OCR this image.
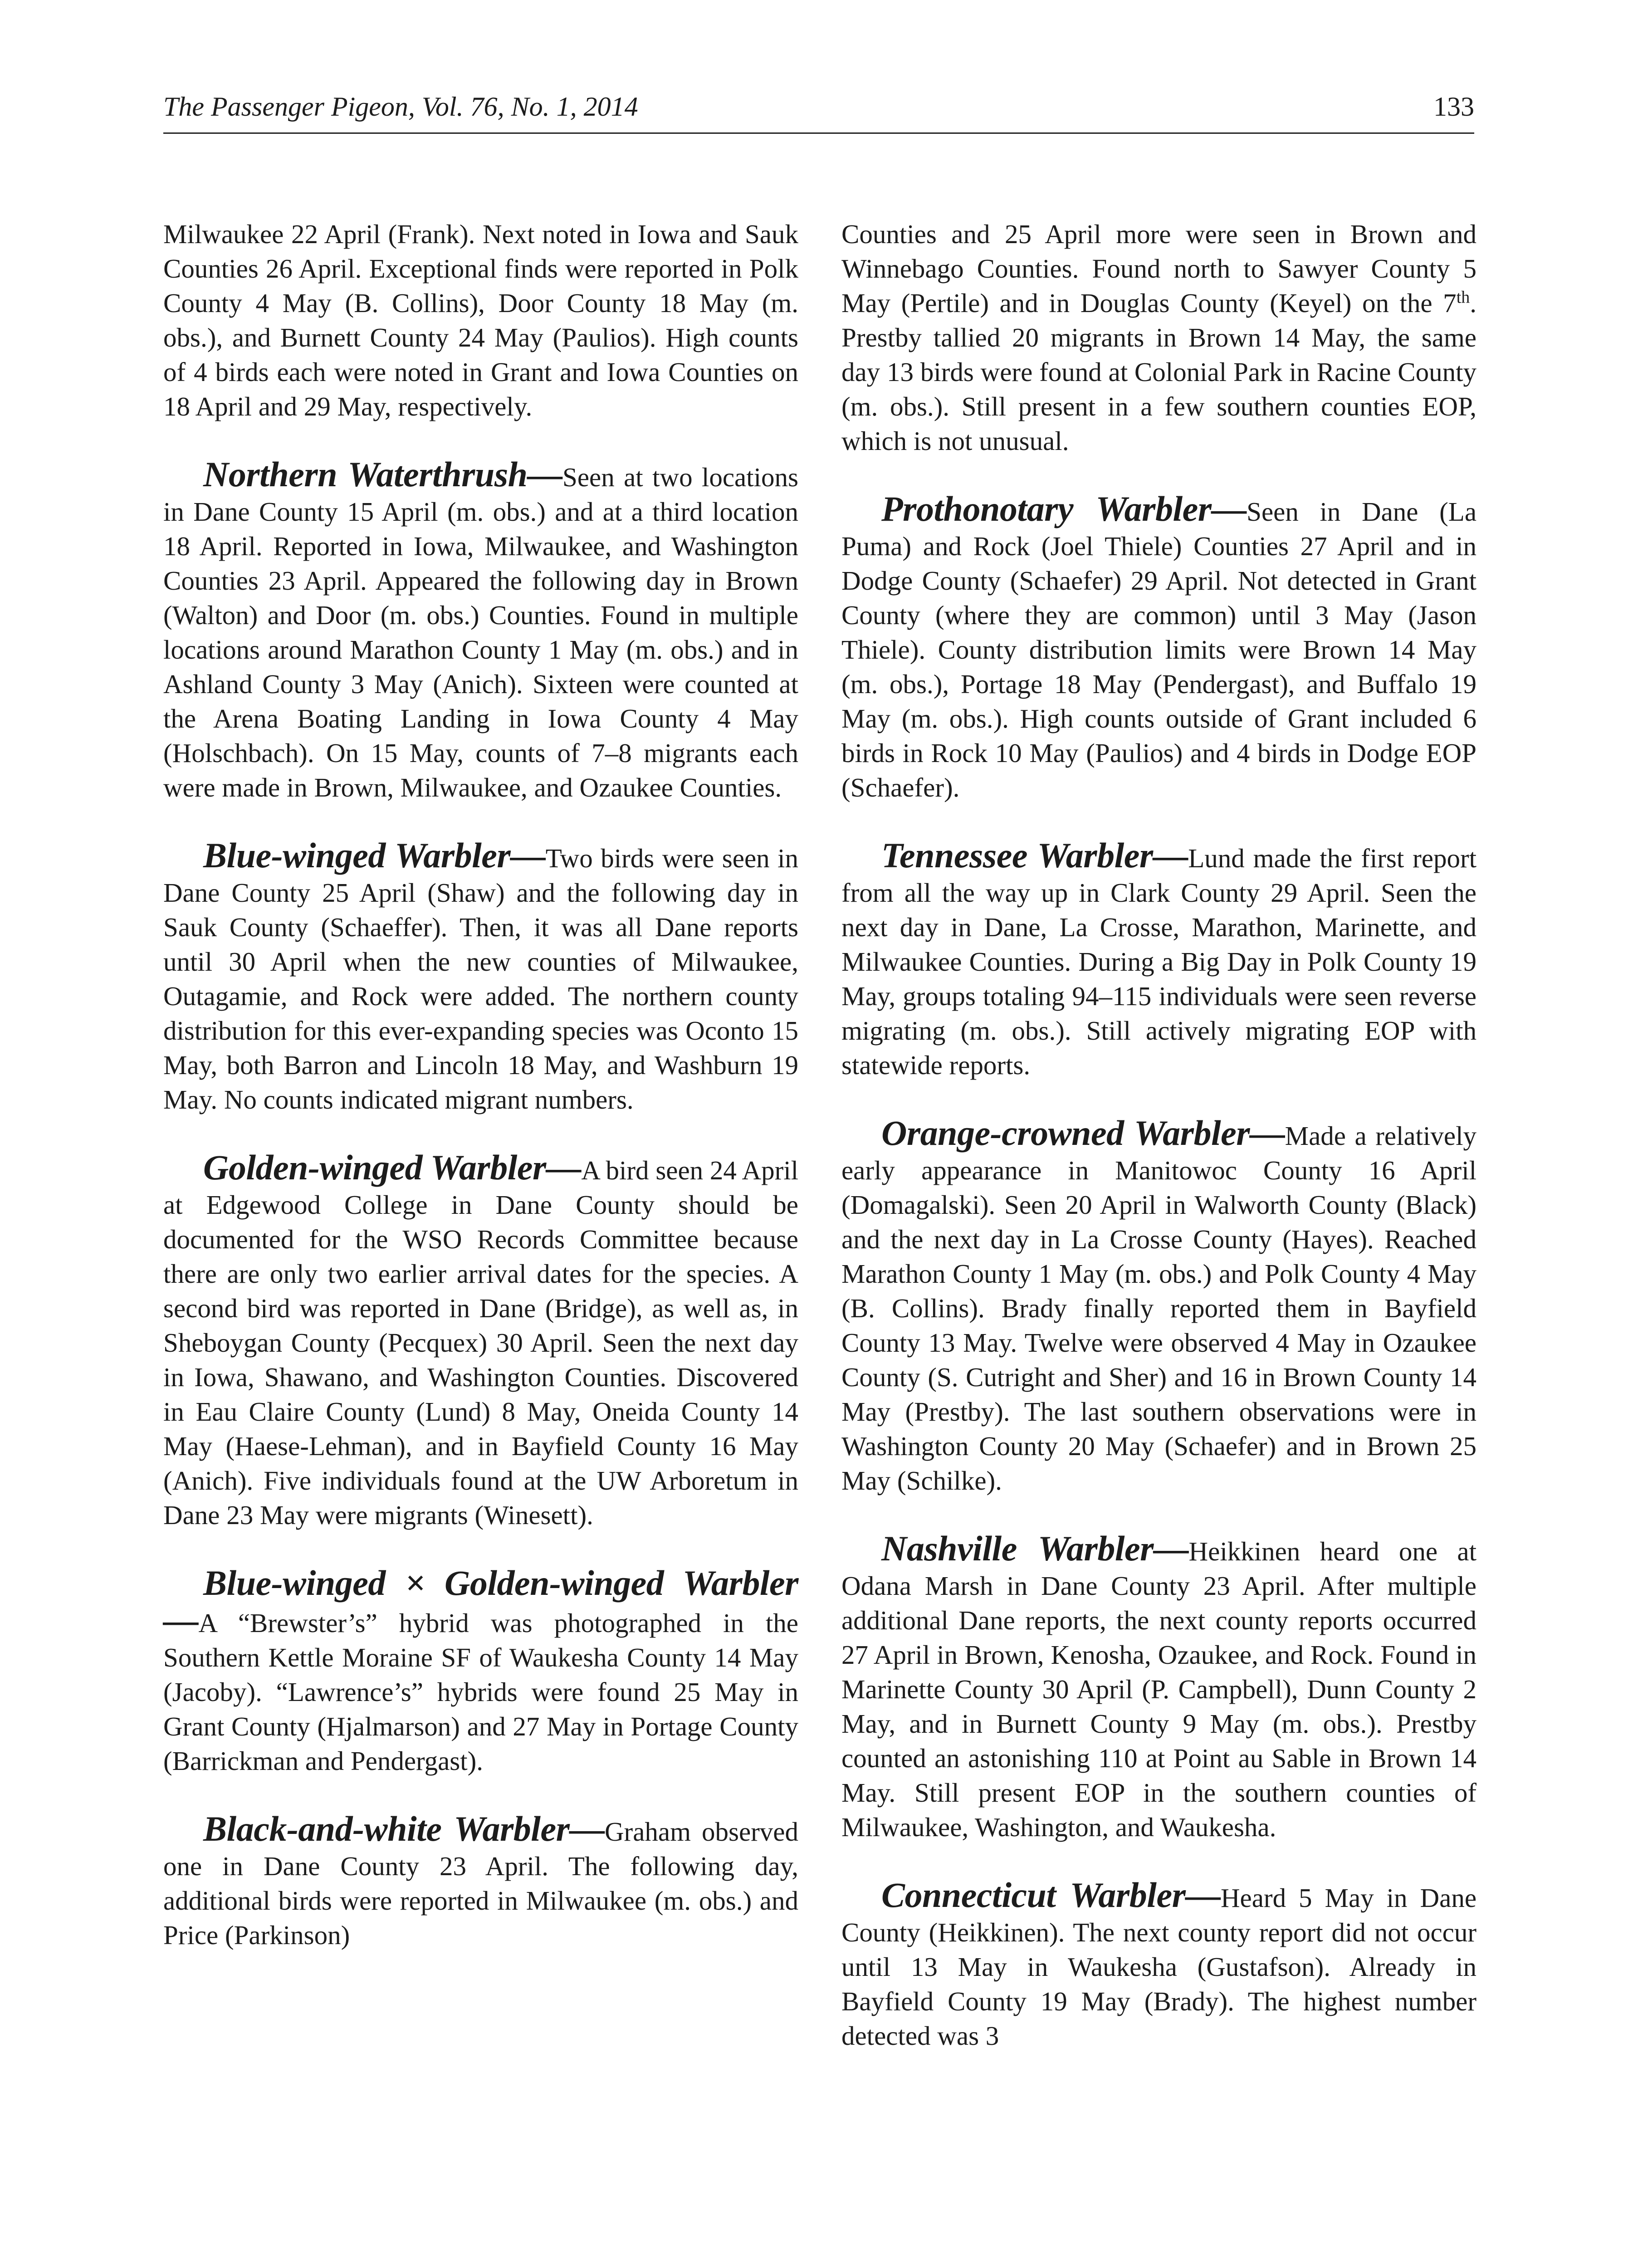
The Passenger Pigeon, Vol. 76, No. 1, 2014	133

Milwaukee 22 April (Frank). Next noted in Iowa and Sauk Counties 26 April. Exceptional finds were reported in Polk County 4 May (B. Collins), Door County 18 May (m. obs.), and Burnett County 24 May (Paulios). High counts of 4 birds each were noted in Grant and Iowa Counties on 18 April and 29 May, respectively.

Northern Waterthrush—Seen at two locations in Dane County 15 April (m. obs.) and at a third location 18 April. Reported in Iowa, Milwaukee, and Washington Counties 23 April. Appeared the following day in Brown (Walton) and Door (m. obs.) Counties. Found in multiple locations around Marathon County 1 May (m. obs.) and in Ashland County 3 May (Anich). Sixteen were counted at the Arena Boating Landing in Iowa County 4 May (Holschbach). On 15 May, counts of 7–8 migrants each were made in Brown, Milwaukee, and Ozaukee Counties.

Blue-winged Warbler—Two birds were seen in Dane County 25 April (Shaw) and the following day in Sauk County (Schaeffer). Then, it was all Dane reports until 30 April when the new counties of Milwaukee, Outagamie, and Rock were added. The northern county distribution for this ever-expanding species was Oconto 15 May, both Barron and Lincoln 18 May, and Washburn 19 May. No counts indicated migrant numbers.

Golden-winged Warbler—A bird seen 24 April at Edgewood College in Dane County should be documented for the WSO Records Committee because there are only two earlier arrival dates for the species. A second bird was reported in Dane (Bridge), as well as, in Sheboygan County (Pecquex) 30 April. Seen the next day in Iowa, Shawano, and Washington Counties. Discovered in Eau Claire County (Lund) 8 May, Oneida County 14 May (Haese-Lehman), and in Bayfield County 16 May (Anich). Five individuals found at the UW Arboretum in Dane 23 May were migrants (Winesett).

Blue-winged × Golden-winged Warbler—A “Brewster’s” hybrid was photographed in the Southern Kettle Moraine SF of Waukesha County 14 May (Jacoby). “Lawrence’s” hybrids were found 25 May in Grant County (Hjalmarson) and 27 May in Portage County (Barrickman and Pendergast).

Black-and-white Warbler—Graham observed one in Dane County 23 April. The following day, additional birds were reported in Milwaukee (m. obs.) and Price (Parkinson)

Counties and 25 April more were seen in Brown and Winnebago Counties. Found north to Sawyer County 5 May (Pertile) and in Douglas County (Keyel) on the 7th. Prestby tallied 20 migrants in Brown 14 May, the same day 13 birds were found at Colonial Park in Racine County (m. obs.). Still present in a few southern counties EOP, which is not unusual.

Prothonotary Warbler—Seen in Dane (La Puma) and Rock (Joel Thiele) Counties 27 April and in Dodge County (Schaefer) 29 April. Not detected in Grant County (where they are common) until 3 May (Jason Thiele). County distribution limits were Brown 14 May (m. obs.), Portage 18 May (Pendergast), and Buffalo 19 May (m. obs.). High counts outside of Grant included 6 birds in Rock 10 May (Paulios) and 4 birds in Dodge EOP (Schaefer).

Tennessee Warbler—Lund made the first report from all the way up in Clark County 29 April. Seen the next day in Dane, La Crosse, Marathon, Marinette, and Milwaukee Counties. During a Big Day in Polk County 19 May, groups totaling 94–115 individuals were seen reverse migrating (m. obs.). Still actively migrating EOP with statewide reports.

Orange-crowned Warbler—Made a relatively early appearance in Manitowoc County 16 April (Domagalski). Seen 20 April in Walworth County (Black) and the next day in La Crosse County (Hayes). Reached Marathon County 1 May (m. obs.) and Polk County 4 May (B. Collins). Brady finally reported them in Bayfield County 13 May. Twelve were observed 4 May in Ozaukee County (S. Cutright and Sher) and 16 in Brown County 14 May (Prestby). The last southern observations were in Washington County 20 May (Schaefer) and in Brown 25 May (Schilke).

Nashville Warbler—Heikkinen heard one at Odana Marsh in Dane County 23 April. After multiple additional Dane reports, the next county reports occurred 27 April in Brown, Kenosha, Ozaukee, and Rock. Found in Marinette County 30 April (P. Campbell), Dunn County 2 May, and in Burnett County 9 May (m. obs.). Prestby counted an astonishing 110 at Point au Sable in Brown 14 May. Still present EOP in the southern counties of Milwaukee, Washington, and Waukesha.

Connecticut Warbler—Heard 5 May in Dane County (Heikkinen). The next county report did not occur until 13 May in Waukesha (Gustafson). Already in Bayfield County 19 May (Brady). The highest number detected was 3
